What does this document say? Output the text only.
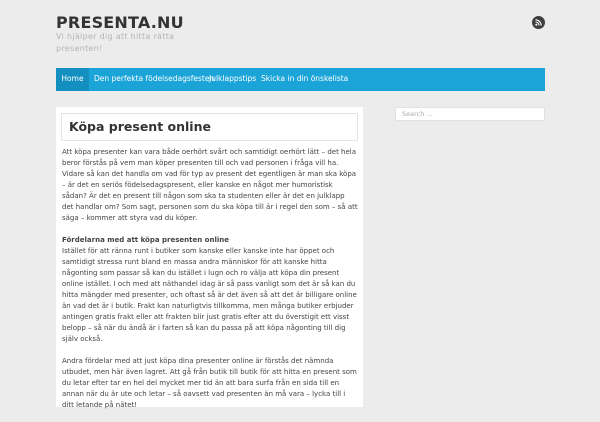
PRESENTA.NU
Vi hjälper dig att hitta rätta presenten!
Home	Den perfekta födelsedagsfesten
Julklappstips Skicka in din önskelista
Köpa present online

Att köpa presenter kan vara både oerhört svårt och samtidigt oerhört lätt – det hela beror förstås på vem man köper presenten till och vad personen i fråga vill ha. Vidare så kan det handla om vad för typ av present det egentligen är man ska köpa – är det en seriös födelsedagspresent, eller kanske en något mer humoristisk sådan? Är det en present till någon som ska ta studenten eller är det en julklapp det handlar om? Som sagt, personen som du ska köpa till är i regel den som – så att säga – kommer att styra vad du köper.

Fördelarna med att köpa presenten online
Istället för att ränna runt i butiker som kanske eller kanske inte har öppet och samtidigt stressa runt bland en massa andra människor för att kanske hitta någonting som passar så kan du istället i lugn och ro välja att köpa din present online istället. I och med att näthandel idag är så pass vanligt som det är så kan du hitta mängder med presenter, och oftast så är det även så att det är billigare online än vad det är i butik. Frakt kan naturligtvis tillkomma, men många butiker erbjuder antingen gratis frakt eller att frakten blir just gratis efter att du överstigit ett visst belopp – så när du ändå är i farten så kan du passa på att köpa någonting till dig själv också.

Andra fördelar med att just köpa dina presenter online är förstås det nämnda utbudet, men här även lagret. Att gå från butik till butik för att hitta en present som du letar efter tar en hel del mycket mer tid än att bara surfa från en sida till en annan när du är ute och letar – så oavsett vad presenten än må vara – lycka till i ditt letande på nätet!

Search ...
